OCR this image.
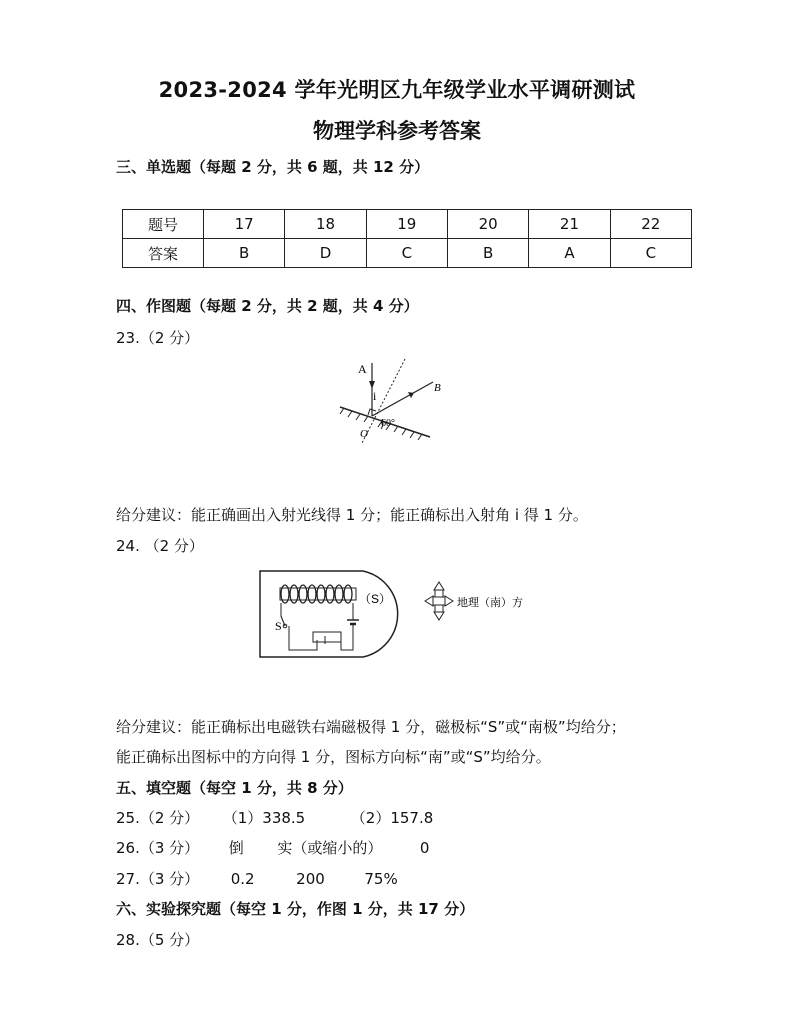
2023-2024 学年光明区九年级学业水平调研测试
物理学科参考答案
三、单选题（每题 2 分，共 6 题，共 12 分）
题号	17	18	19	20	21	22
答案	B	D	C	B	A	C
四、作图题（每题 2 分，共 2 题，共 4 分）
23.（2 分）
A
i
B
O
60°
给分建议：能正确画出入射光线得 1 分；能正确标出入射角 i 得 1 分。
24. （2 分）
S
（S）	地理（南）方
给分建议：能正确标出电磁铁右端磁极得 1 分，磁极标“S”或“南极”均给分；
能正确标出图标中的方向得 1 分，图标方向标“南”或“S”均给分。
五、填空题（每空 1 分，共 8 分）
25.（2 分） （1）338.5	（2）157.8
26.（3 分） 倒 实（或缩小的）	0
27.（3 分） 0.2	200	75%
六、实验探究题（每空 1 分，作图 1 分，共 17 分）
28.（5 分）
